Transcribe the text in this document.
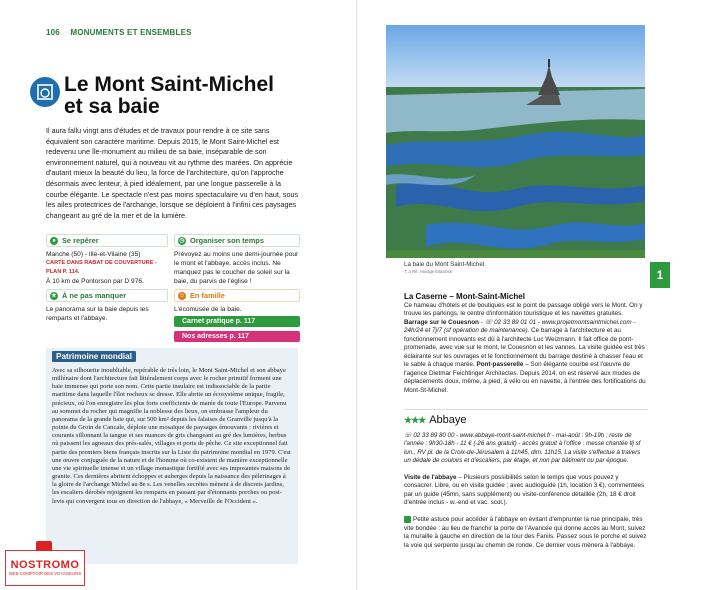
106 MONUMENTS ET ENSEMBLES
Le Mont Saint-Michel
et sa baie

Il aura fallu vingt ans d'études et de travaux pour rendre à ce site sans équivalent son caractère maritime. Depuis 2015, le Mont Saint-Michel est redevenu une île-monument au milieu de sa baie, inséparable de son environnement naturel, qui à nouveau vit au rythme des marées. On apprécie d'autant mieux la beauté du lieu, la force de l'architecture, qu'on l'approche désormais avec lenteur, à pied idéalement, par une longue passerelle à la courbe élégante. Le spectacle n'est pas moins spectaculaire vu d'en haut, sous les ailes protectrices de l'archange, lorsque se déploient à l'infini ces paysages changeant au gré de la mer et de la lumière.

● Se repérer
Manche (50) - Ille-et-Vilaine (35)
CARTE DANS RABAT DE COUVERTURE - PLAN P. 114.
À 10 km de Pontorson par D 976.
◷ Organiser son temps
Prévoyez au moins une demi-journée pour le mont et l'abbaye, accès inclus. Ne manquez pas le coucher de soleil sur la baie, du parvis de l'église !
★ À ne pas manquer
Le panorama sur la baie depuis les remparts et l'abbaye.
☺ En famille
L'écomusée de la baie.
Carnet pratique p. 117
Nos adresses p. 117
Patrimoine mondial

Avec sa silhouette inoubliable, repérable de très loin, le Mont Saint-Michel et son abbaye millénaire dont l'architecture fait littéralement corps avec le rocher primitif forment une baie immense qui porte son nom. Cette partie insulaire est indissociable de la partie maritime dans laquelle l'îlot rocheux se dresse. Elle abrite un écosystème unique, fragile, précieux, où l'on enregistre les plus forts coefficients de marée de toute l'Europe. Parvenu au sommet du rocher qui magnifie la noblesse des lieux, on embrasse l'ampleur du panorama de la grande baie qui, sur 500 km² depuis les falaises de Granville jusqu'à la pointe du Groin de Cancale, déploie une mosaïque de paysages émouvants : rivières et courants sillonnant la tangue et ses nuances de gris changeant au gré des lumières, herbus où paissent les agneaux des prés-salés, villages et ports de pêche. Ce site exceptionnel fait partie des premiers biens français inscrits sur la Liste du patrimoine mondial en 1979. C'est une œuvre conjuguée de la nature et de l'homme où co-existent de manière exceptionnelle une vie spirituelle intense et un village monastique fortifié avec ses imposantes maisons de granite. Ces dernières abritent échoppes et auberges depuis la naissance des pèlerinages à la gloire de l'archange Michel au 8e s. Les venelles secrètes mènent à de discrets jardins, les escaliers dérobés rejoignent les remparts en passant par d'étonnants porches ou post-levis qui convergent tous en direction de l'abbaye, « Merveille de l'Occident ».

NOSTROMO
WEB COMPTOIR DES VOYAGEURS
La baie du Mont Saint-Michel.
T. a Ré. Hoi/age fotostock	1
La Caserne – Mont-Saint-Michel

Ce hameau d'hôtels et de boutiques est le point de passage obligé vers le Mont. On y trouve les parkings, le centre d'information touristique et les navettes gratuites. Barrage sur le Couesnon - ☏ 02 33 89 01 01 - www.projetmontsaintmichel.com - 24h/24 et 7j/7 (sf opération de maintenance). Ce barrage à l'architecture et au fonctionnement innovants est dû à l'architecte Luc Weizmann. Il fait office de pont-promenade, avec vue sur le mont, le Couesnon et les vannes. La visite guidée est très éclairante sur les ouvrages et le fonctionnement du barrage destiné à chasser l'eau et le sable à chaque marée. Pont-passerelle – Son élégante courbe est l'œuvre de l'agence Dietmar Feichtinger Architectes. Depuis 2014, on est réservé aux modes de déplacements doux, même, à pied, à vélo ou en navette, à l'entrée des fortifications du Mont-St-Michel.

★★★ Abbaye

☏ 02 33 89 80 00 - www.abbaye-mont-saint-michel.fr - mai-août : 9h-19h ; reste de l'année : 9h30-18h - 11 € (-26 ans gratuit) - accès gratuit à l'office : messe chantée tlj sf lun., RV pl. de la Croix-de-Jérusalem à 11h45, dim. 11h15. La visite s'effectue à travers un dédale de couloirs et d'escaliers, par étage, et non par bâtiment ou par époque.

Visite de l'abbaye – Plusieurs possibilités selon le temps que vous pouvez y consacrer. Libre, ou en visite guidée ; avec audioguide (1h, location 3 €), commentées par un guide (45mn, sans supplément) ou visite-conférence détaillée (2h, 18 € droit d'entrée inclus - w.-end et vac. scol.).

Petite astuce pour accéder à l'abbaye en évitant d'emprunter la rue principale, très vite bondée : au lieu de franchir la porte de l'Avancée qui donne accès au Mont, suivez la muraille à gauche en direction de la tour des Fanils. Passez sous le porche et suivez la voie qui serpente jusqu'au chemin de ronde. Ce dernier vous mènera à l'abbaye.
